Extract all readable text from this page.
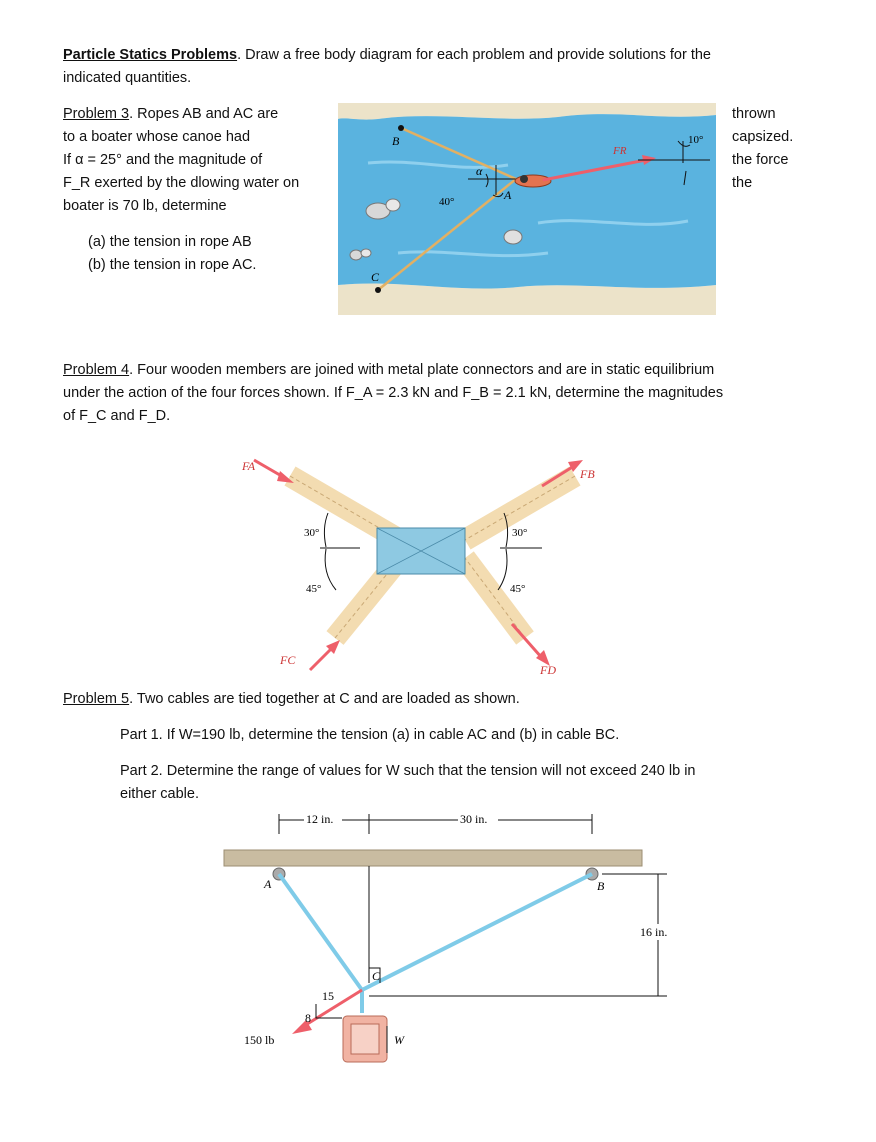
Particle Statics Problems. Draw a free body diagram for each problem and provide solutions for the
indicated quantities.
Problem 3. Ropes AB and AC are
to a boater whose canoe had
If α = 25° and the magnitude of
F_R exerted by the dlowing water on
boater is 70 lb, determine
thrown
capsized.
the force
the
(a) the tension in rope AB
(b) the tension in rope AC.
B
C
A
α
40°
10°
FR
Problem 4. Four wooden members are joined with metal plate connectors and are in static equilibrium
under the action of the four forces shown. If F_A = 2.3 kN and F_B = 2.1 kN, determine the magnitudes
of F_C and F_D.
FA
FB
FC
FD
30°	30°
45°	45°
Problem 5. Two cables are tied together at C and are loaded as shown.
Part 1. If W=190 lb, determine the tension (a) in cable AC and (b) in cable BC.
Part 2. Determine the range of values for W such that the tension will not exceed 240 lb in
either cable.
12 in.	30 in.
16 in.
15
8
A	B
C
150 lb	W
